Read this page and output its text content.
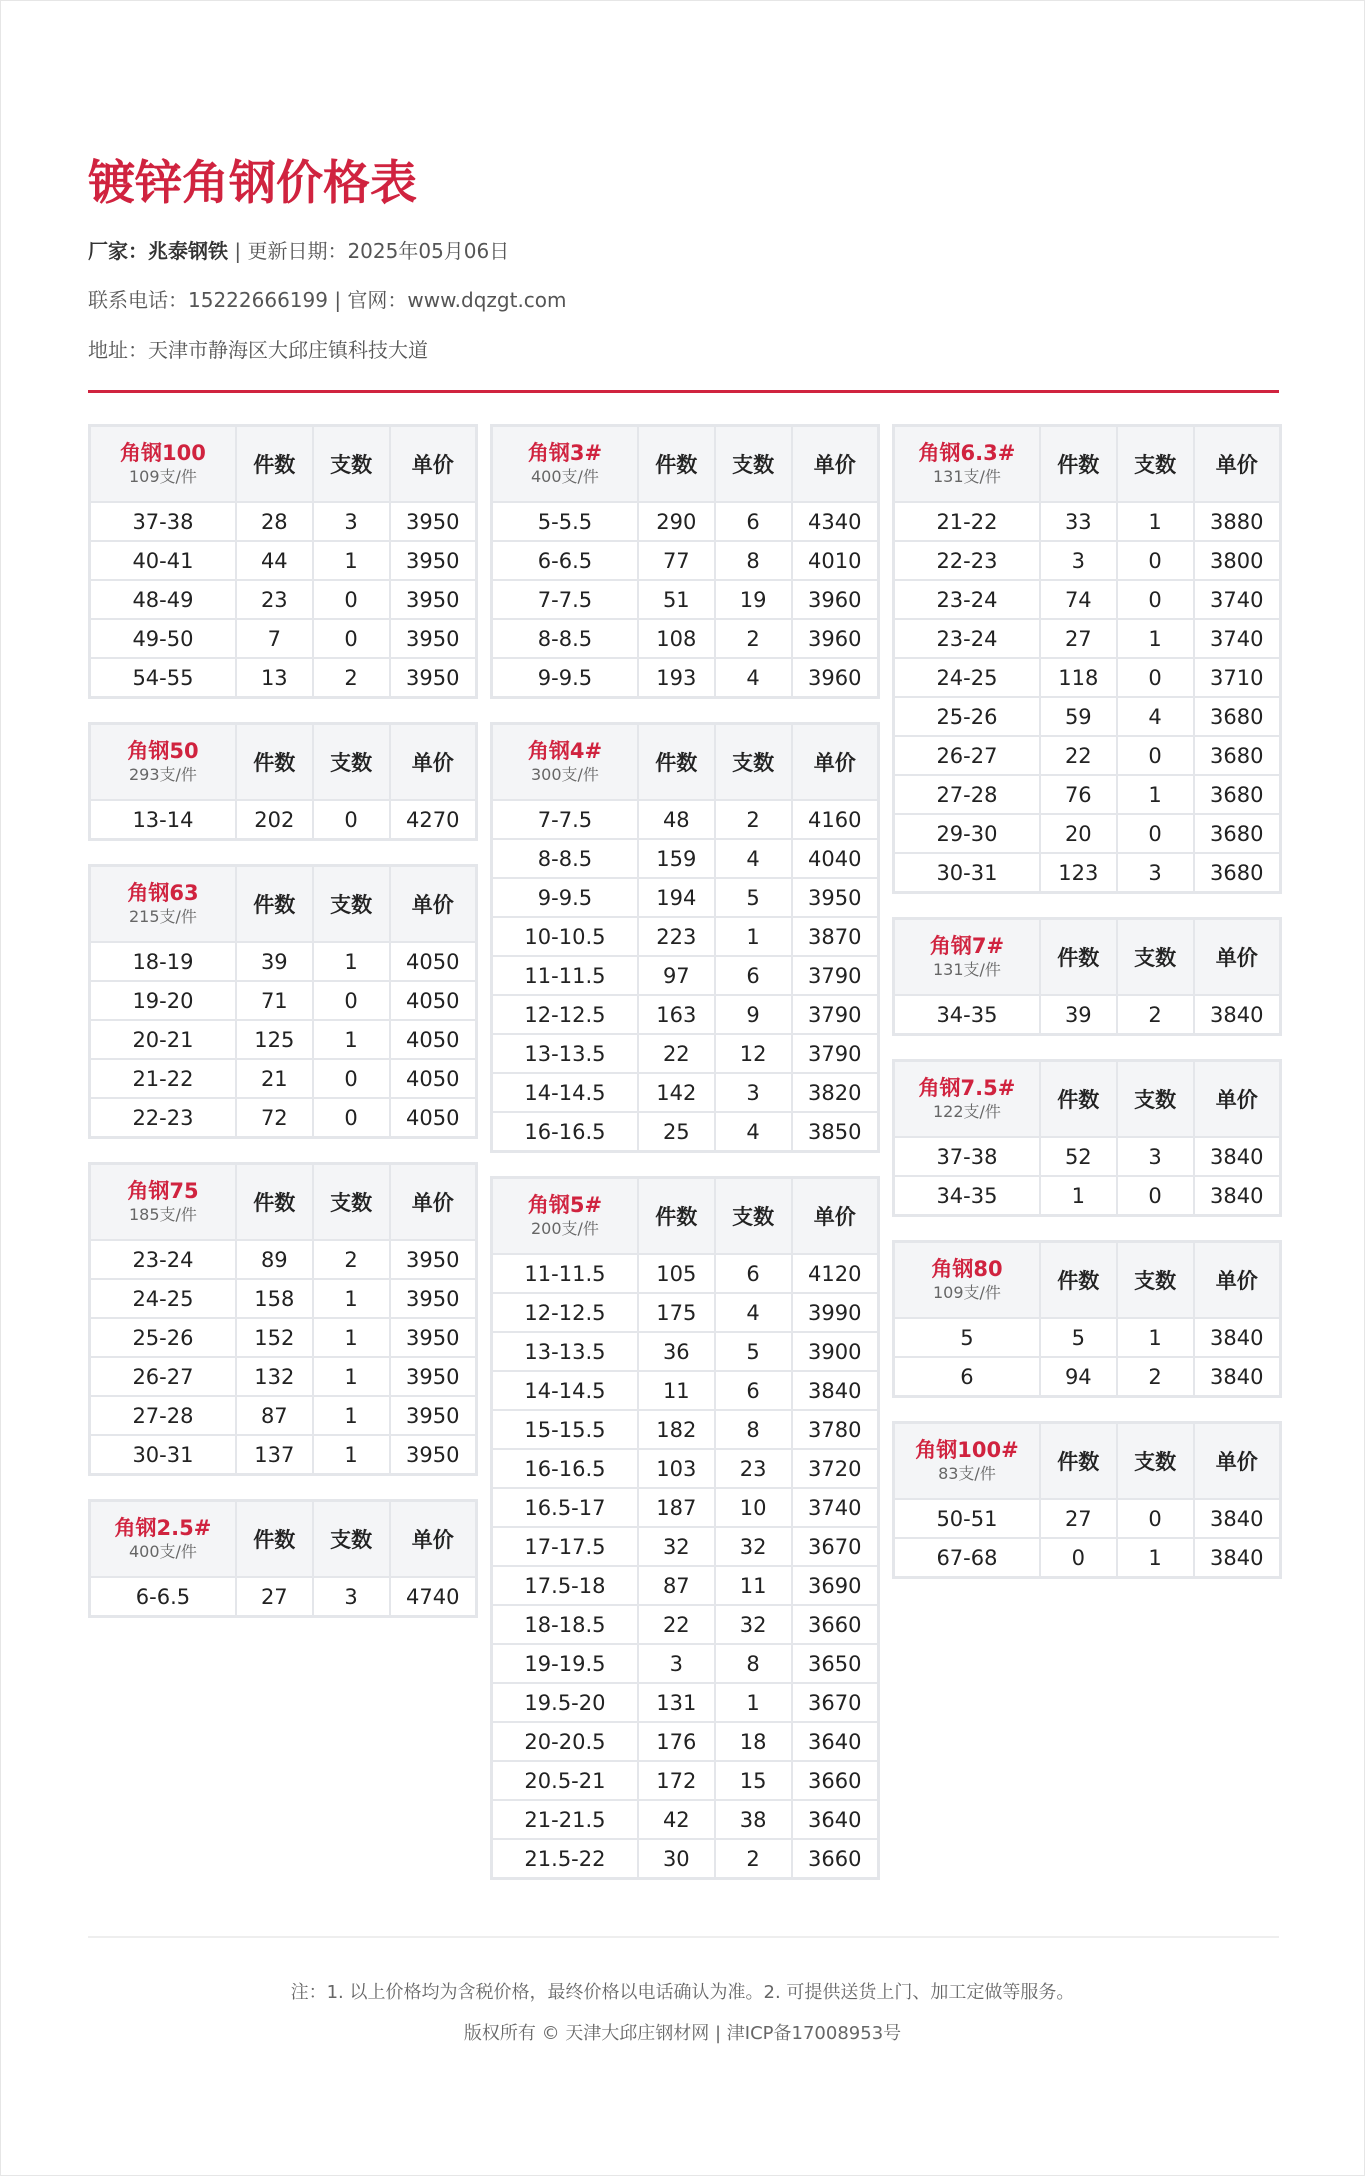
镀锌角钢价格表
厂家：兆泰钢铁 | 更新日期：2025年05月06日
联系电话：15222666199 | 官网：www.dqzgt.com
地址：天津市静海区大邱庄镇科技大道
角钢100
109支/件	件数	支数	单价
37-38	28	3	3950
40-41	44	1	3950
48-49	23	0	3950
49-50	7	0	3950
54-55	13	2	3950
角钢50
293支/件	件数	支数	单价
13-14	202	0	4270
角钢63
215支/件	件数	支数	单价
18-19	39	1	4050
19-20	71	0	4050
20-21	125	1	4050
21-22	21	0	4050
22-23	72	0	4050
角钢75
185支/件	件数	支数	单价
23-24	89	2	3950
24-25	158	1	3950
25-26	152	1	3950
26-27	132	1	3950
27-28	87	1	3950
30-31	137	1	3950
角钢2.5#
400支/件	件数	支数	单价
6-6.5	27	3	4740
角钢3#
400支/件	件数	支数	单价
5-5.5	290	6	4340
6-6.5	77	8	4010
7-7.5	51	19	3960
8-8.5	108	2	3960
9-9.5	193	4	3960
角钢4#
300支/件	件数	支数	单价
7-7.5	48	2	4160
8-8.5	159	4	4040
9-9.5	194	5	3950
10-10.5	223	1	3870
11-11.5	97	6	3790
12-12.5	163	9	3790
13-13.5	22	12	3790
14-14.5	142	3	3820
16-16.5	25	4	3850
角钢5#
200支/件	件数	支数	单价
11-11.5	105	6	4120
12-12.5	175	4	3990
13-13.5	36	5	3900
14-14.5	11	6	3840
15-15.5	182	8	3780
16-16.5	103	23	3720
16.5-17	187	10	3740
17-17.5	32	32	3670
17.5-18	87	11	3690
18-18.5	22	32	3660
19-19.5	3	8	3650
19.5-20	131	1	3670
20-20.5	176	18	3640
20.5-21	172	15	3660
21-21.5	42	38	3640
21.5-22	30	2	3660
角钢6.3#
131支/件	件数	支数	单价
21-22	33	1	3880
22-23	3	0	3800
23-24	74	0	3740
23-24	27	1	3740
24-25	118	0	3710
25-26	59	4	3680
26-27	22	0	3680
27-28	76	1	3680
29-30	20	0	3680
30-31	123	3	3680
角钢7#
131支/件	件数	支数	单价
34-35	39	2	3840
角钢7.5#
122支/件	件数	支数	单价
37-38	52	3	3840
34-35	1	0	3840
角钢80
109支/件	件数	支数	单价
5	5	1	3840
6	94	2	3840
角钢100#
83支/件	件数	支数	单价
50-51	27	0	3840
67-68	0	1	3840
注：1. 以上价格均为含税价格，最终价格以电话确认为准。2. 可提供送货上门、加工定做等服务。
版权所有 © 天津大邱庄钢材网 | 津ICP备17008953号
